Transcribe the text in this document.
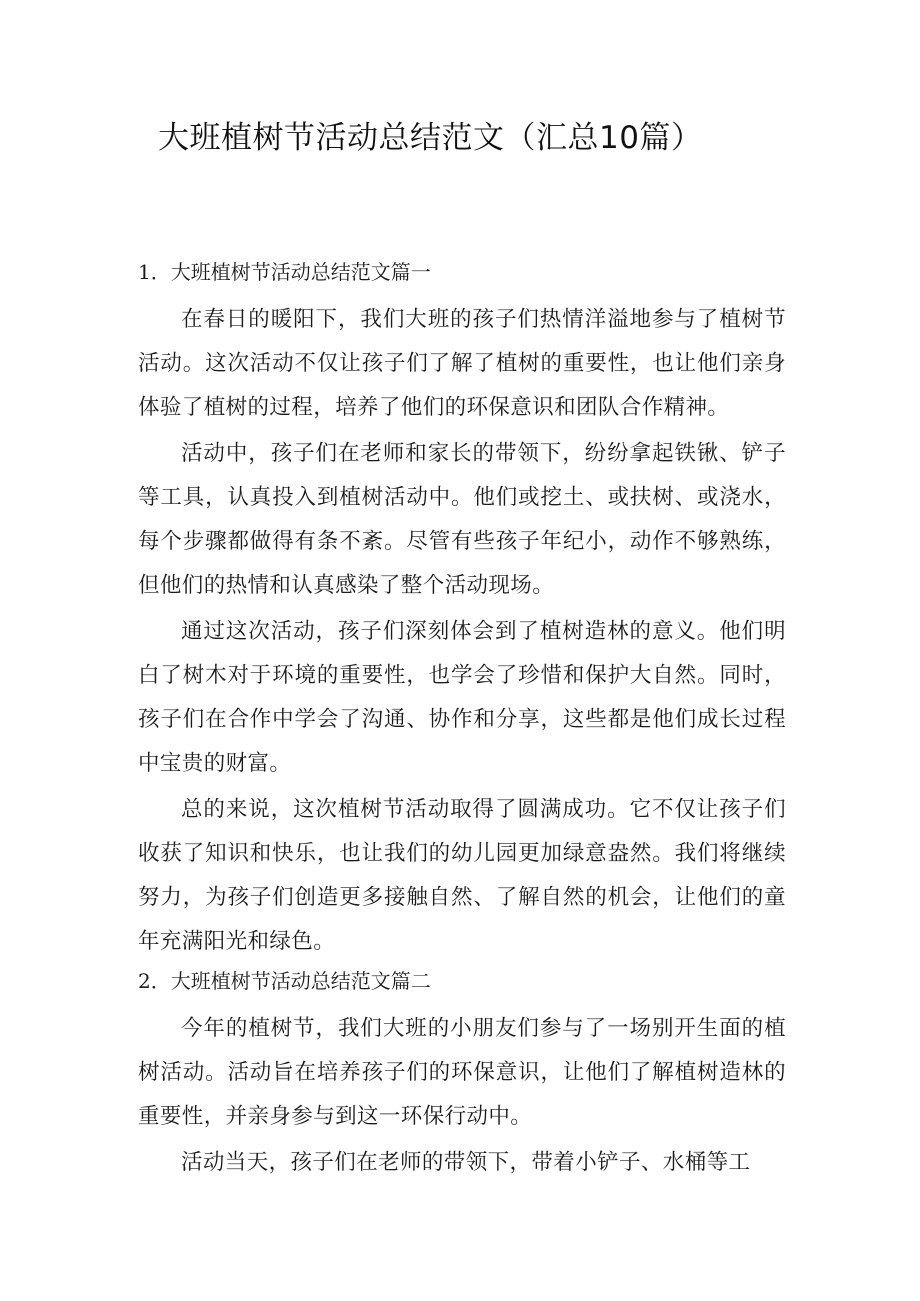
大班植树节活动总结范文（汇总10篇）
1．大班植树节活动总结范文篇一

在春日的暖阳下，我们大班的孩子们热情洋溢地参与了植树节活动。这次活动不仅让孩子们了解了植树的重要性，也让他们亲身体验了植树的过程，培养了他们的环保意识和团队合作精神。

活动中，孩子们在老师和家长的带领下，纷纷拿起铁锹、铲子等工具，认真投入到植树活动中。他们或挖土、或扶树、或浇水，每个步骤都做得有条不紊。尽管有些孩子年纪小，动作不够熟练，但他们的热情和认真感染了整个活动现场。

通过这次活动，孩子们深刻体会到了植树造林的意义。他们明白了树木对于环境的重要性，也学会了珍惜和保护大自然。同时，孩子们在合作中学会了沟通、协作和分享，这些都是他们成长过程中宝贵的财富。

总的来说，这次植树节活动取得了圆满成功。它不仅让孩子们收获了知识和快乐，也让我们的幼儿园更加绿意盎然。我们将继续努力，为孩子们创造更多接触自然、了解自然的机会，让他们的童年充满阳光和绿色。

2．大班植树节活动总结范文篇二

今年的植树节，我们大班的小朋友们参与了一场别开生面的植树活动。活动旨在培养孩子们的环保意识，让他们了解植树造林的重要性，并亲身参与到这一环保行动中。

活动当天，孩子们在老师的带领下，带着小铲子、水桶等工
